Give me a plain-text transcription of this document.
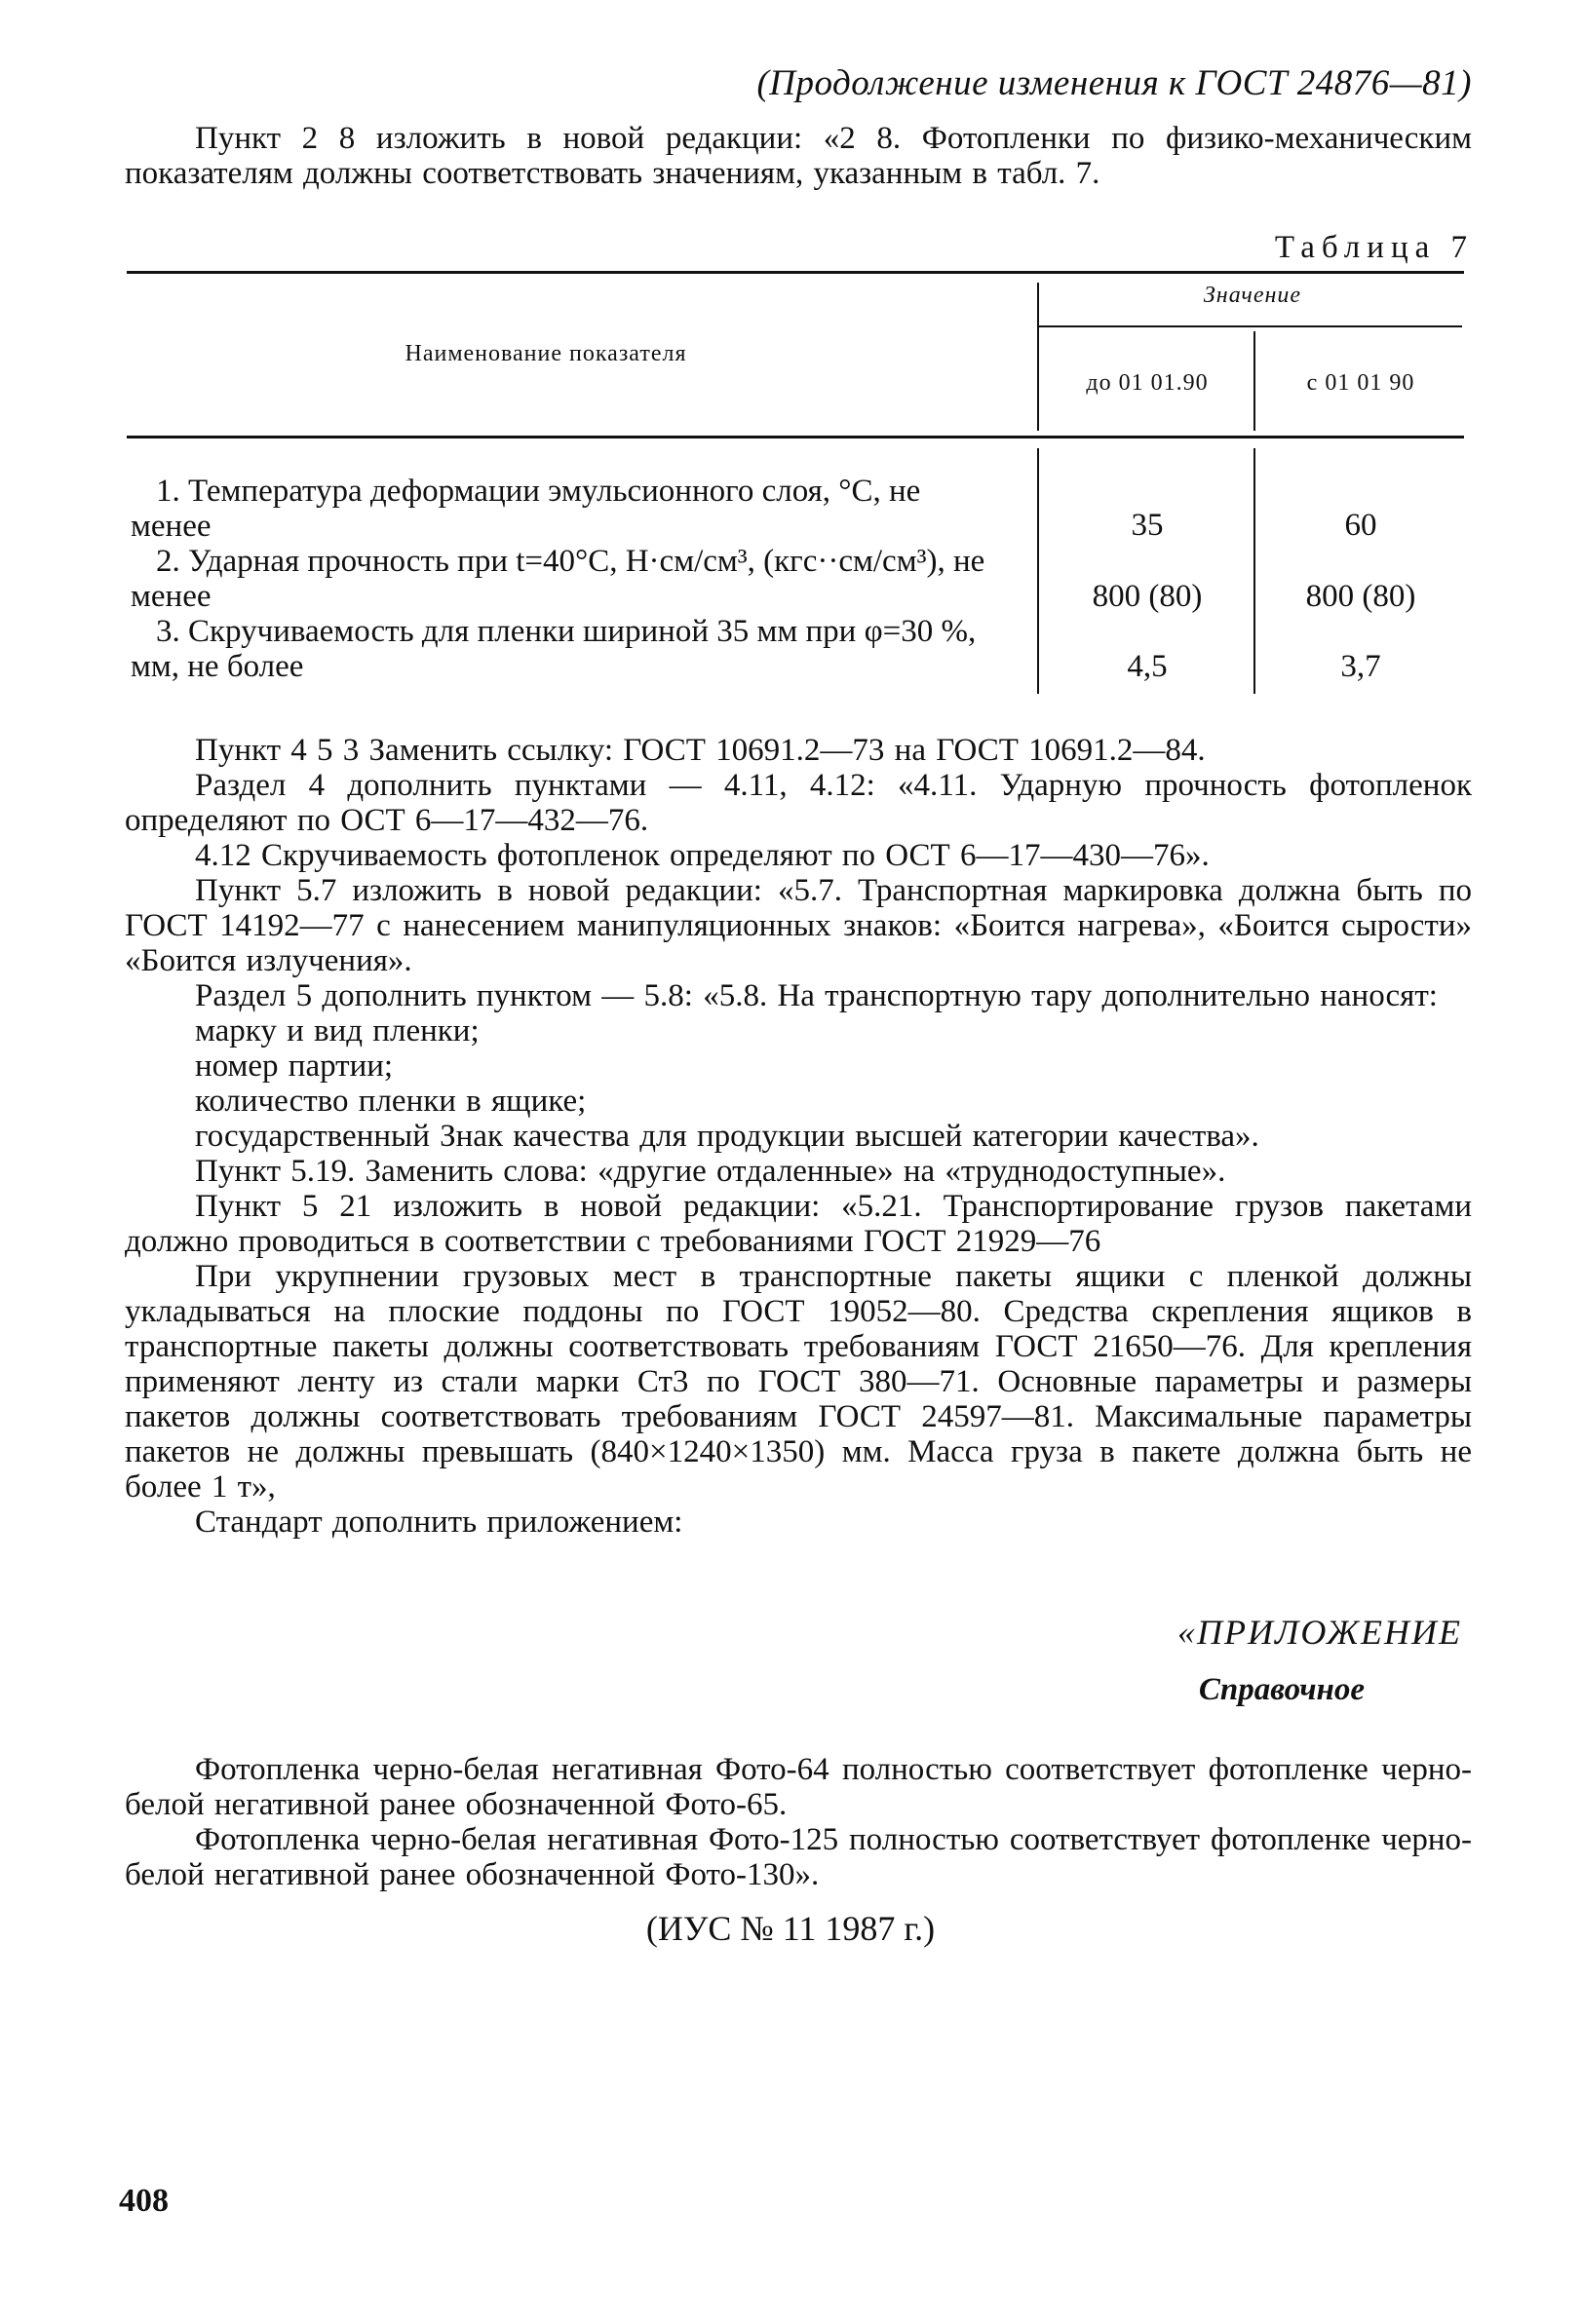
(Продолжение изменения к ГОСТ 24876—81)

Пункт 2 8 изложить в новой редакции: «2 8. Фотопленки по физико-механическим показателям должны соответствовать значениям, указанным в табл. 7.

Таблица 7
Наименование показателя
Значение
до 01 01.90	с 01 01 90
1. Температура деформации эмульсионного слоя, °С, не менее	35	60
2. Ударная прочность при t=40°С, Н·см/см³, (кгс··см/см³), не менее	800 (80)	800 (80)
3. Скручиваемость для пленки шириной 35 мм при φ=30 %, мм, не более	4,5	3,7

Пункт 4 5 3 Заменить ссылку: ГОСТ 10691.2—73 на ГОСТ 10691.2—84.

Раздел 4 дополнить пунктами — 4.11, 4.12: «4.11. Ударную прочность фотопленок определяют по ОСТ 6—17—432—76.

4.12 Скручиваемость фотопленок определяют по ОСТ 6—17—430—76».

Пункт 5.7 изложить в новой редакции: «5.7. Транспортная маркировка должна быть по ГОСТ 14192—77 с нанесением манипуляционных знаков: «Боится нагрева», «Боится сырости» «Боится излучения».

Раздел 5 дополнить пунктом — 5.8: «5.8. На транспортную тару дополнительно наносят:

марку и вид пленки;

номер партии;

количество пленки в ящике;

государственный Знак качества для продукции высшей категории качества».

Пункт 5.19. Заменить слова: «другие отдаленные» на «труднодоступные».

Пункт 5 21 изложить в новой редакции: «5.21. Транспортирование грузов пакетами должно проводиться в соответствии с требованиями ГОСТ 21929—76

При укрупнении грузовых мест в транспортные пакеты ящики с пленкой должны укладываться на плоские поддоны по ГОСТ 19052—80. Средства скрепления ящиков в транспортные пакеты должны соответствовать требованиям ГОСТ 21650—76. Для крепления применяют ленту из стали марки Ст3 по ГОСТ 380—71. Основные параметры и размеры пакетов должны соответствовать требованиям ГОСТ 24597—81. Максимальные параметры пакетов не должны превышать (840×1240×1350) мм. Масса груза в пакете должна быть не более 1 т»,

Стандарт дополнить приложением:

«ПРИЛОЖЕНИЕ
Справочное

Фотопленка черно-белая негативная Фото-64 полностью соответствует фотопленке черно-белой негативной ранее обозначенной Фото-65.

Фотопленка черно-белая негативная Фото-125 полностью соответствует фотопленке черно-белой негативной ранее обозначенной Фото-130».

(ИУС № 11 1987 г.)
408
